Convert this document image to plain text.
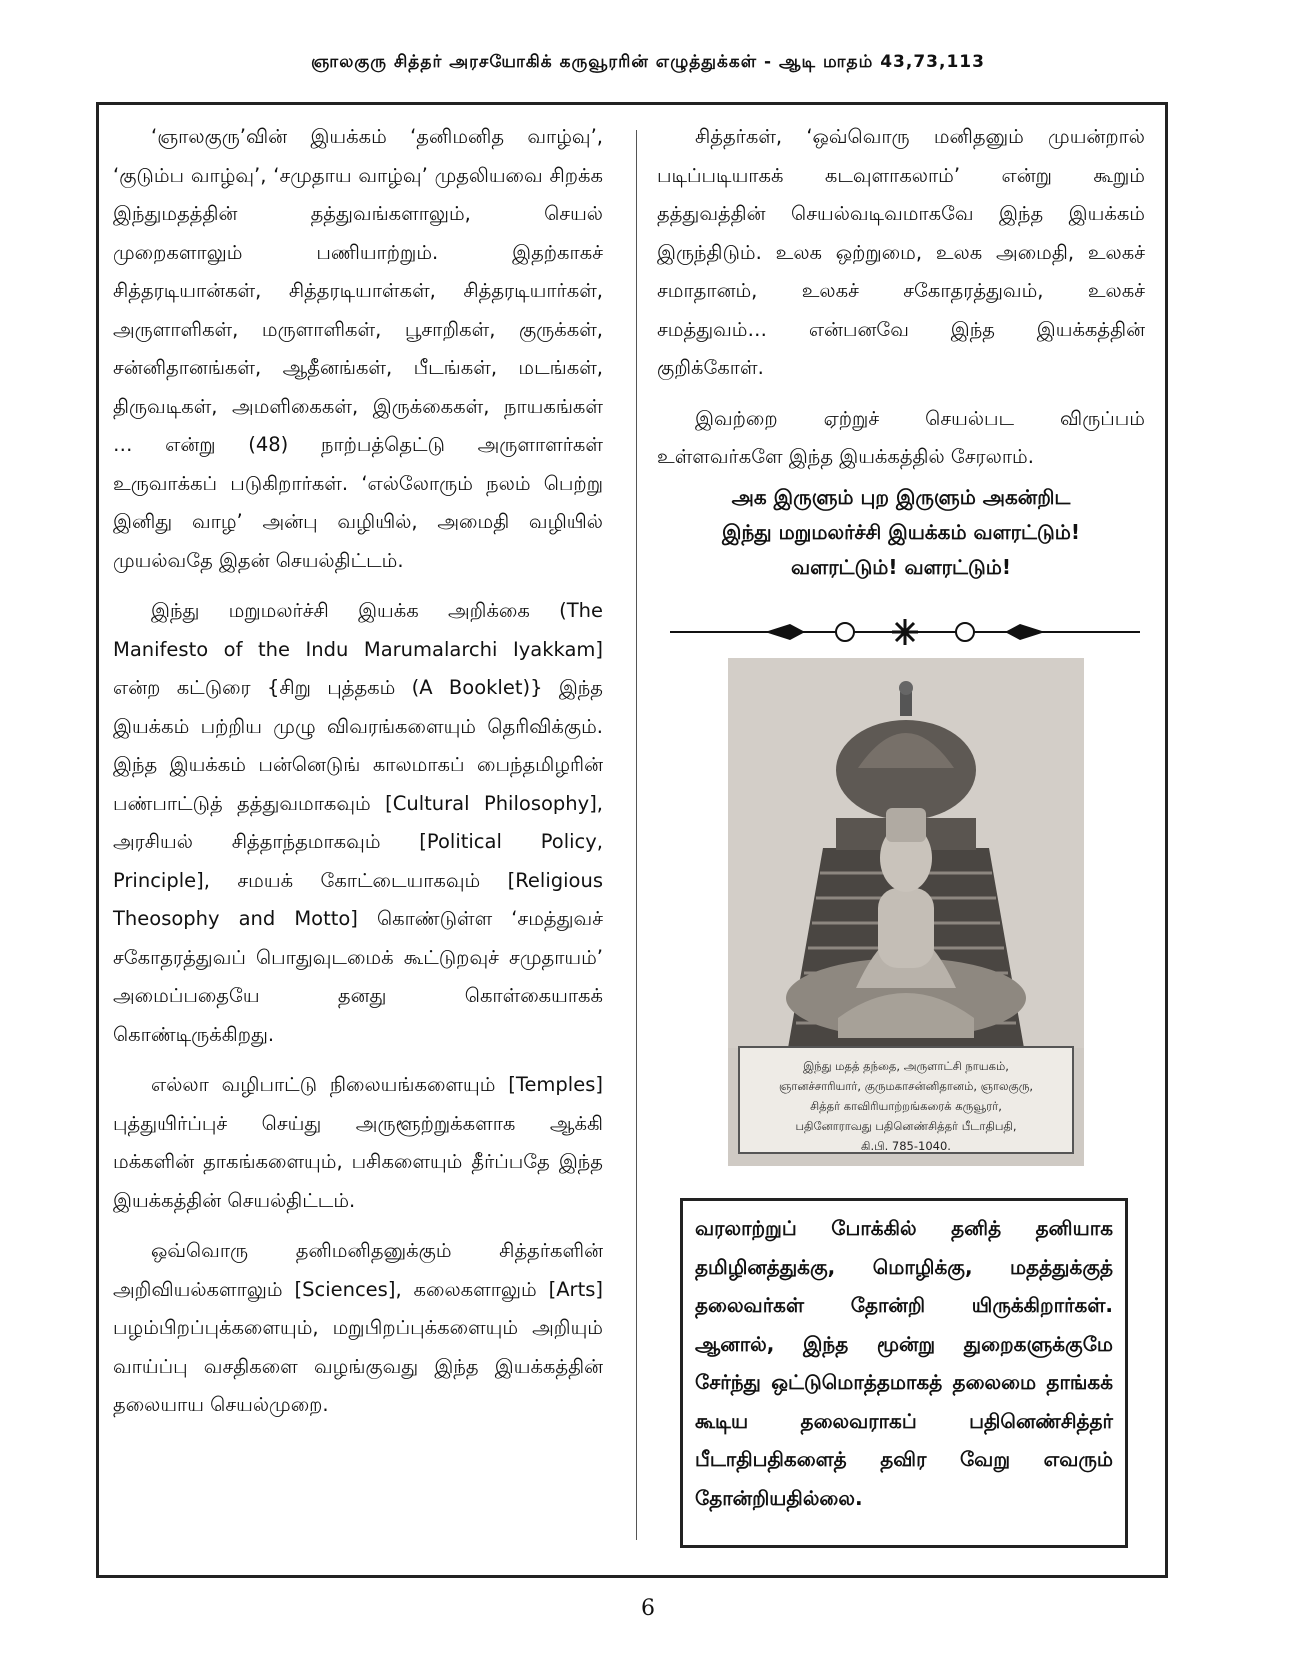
ஞாலகுரு சித்தர் அரசயோகிக் கருவூரரின் எழுத்துக்கள் - ஆடி மாதம் 43,73,113

‘ஞாலகுரு’வின் இயக்கம் ‘தனிமனித வாழ்வு’, ‘குடும்ப வாழ்வு’, ‘சமுதாய வாழ்வு’ முதலியவை சிறக்க இந்துமதத்தின் தத்துவங்களாலும், செயல் முறைகளாலும் பணியாற்றும். இதற்காகச் சித்தரடியான்கள், சித்தரடியாள்கள், சித்தரடியார்கள், அருளாளிகள், மருளாளிகள், பூசாறிகள், குருக்கள், சன்னிதானங்கள், ஆதீனங்கள், பீடங்கள், மடங்கள், திருவடிகள், அமளிகைகள், இருக்கைகள், நாயகங்கள் … என்று (48) நாற்பத்தெட்டு அருளாளர்கள் உருவாக்கப் படுகிறார்கள். ‘எல்லோரும் நலம் பெற்று இனிது வாழ’ அன்பு வழியில், அமைதி வழியில் முயல்வதே இதன் செயல்திட்டம்.

இந்து மறுமலர்ச்சி இயக்க அறிக்கை (The Manifesto of the Indu Marumalarchi Iyakkam] என்ற கட்டுரை {சிறு புத்தகம் (A Booklet)} இந்த இயக்கம் பற்றிய முழு விவரங்களையும் தெரிவிக்கும். இந்த இயக்கம் பன்னெடுங் காலமாகப் பைந்தமிழரின் பண்பாட்டுத் தத்துவமாகவும் [Cultural Philosophy], அரசியல் சித்தாந்தமாகவும் [Political Policy, Principle], சமயக் கோட்டையாகவும் [Religious Theosophy and Motto] கொண்டுள்ள ‘சமத்துவச் சகோதரத்துவப் பொதுவுடமைக் கூட்டுறவுச் சமுதாயம்’ அமைப்பதையே தனது கொள்கையாகக் கொண்டிருக்கிறது.

எல்லா வழிபாட்டு நிலையங்களையும் [Temples] புத்துயிர்ப்புச் செய்து அருளூற்றுக்களாக ஆக்கி மக்களின் தாகங்களையும், பசிகளையும் தீர்ப்பதே இந்த இயக்கத்தின் செயல்திட்டம்.

ஒவ்வொரு தனிமனிதனுக்கும் சித்தர்களின் அறிவியல்களாலும் [Sciences], கலைகளாலும் [Arts] பழம்பிறப்புக்களையும், மறுபிறப்புக்களையும் அறியும் வாய்ப்பு வசதிகளை வழங்குவது இந்த இயக்கத்தின் தலையாய செயல்முறை.

சித்தர்கள், ‘ஒவ்வொரு மனிதனும் முயன்றால் படிப்படியாகக் கடவுளாகலாம்’ என்று கூறும் தத்துவத்தின் செயல்வடிவமாகவே இந்த இயக்கம் இருந்திடும். உலக ஒற்றுமை, உலக அமைதி, உலகச் சமாதானம், உலகச் சகோதரத்துவம், உலகச் சமத்துவம்… என்பனவே இந்த இயக்கத்தின் குறிக்கோள்.

இவற்றை ஏற்றுச் செயல்பட விருப்பம் உள்ளவர்களே இந்த இயக்கத்தில் சேரலாம்.

அக இருளும் புற இருளும் அகன்றிட
இந்து மறுமலர்ச்சி இயக்கம் வளரட்டும்!
வளரட்டும்! வளரட்டும்!
இந்து மதத் தந்தை, அருளாட்சி நாயகம்,
ஞானச்சாரியார், குருமகாசன்னிதானம், ஞாலகுரு,
சித்தர் காவிரியாற்றங்கரைக் கருவூரர்,
பதினோராவது பதினெண்சித்தர் பீடாதிபதி,
கி.பி. 785-1040.
வரலாற்றுப் போக்கில் தனித் தனியாக தமிழினத்துக்கு, மொழிக்கு, மதத்துக்குத் தலைவர்கள் தோன்றி யிருக்கிறார்கள். ஆனால், இந்த மூன்று துறைகளுக்குமே சேர்ந்து ஒட்டுமொத்தமாகத் தலைமை தாங்கக் கூடிய தலைவராகப் பதினெண்சித்தர் பீடாதிபதிகளைத் தவிர வேறு எவரும் தோன்றியதில்லை.
6
